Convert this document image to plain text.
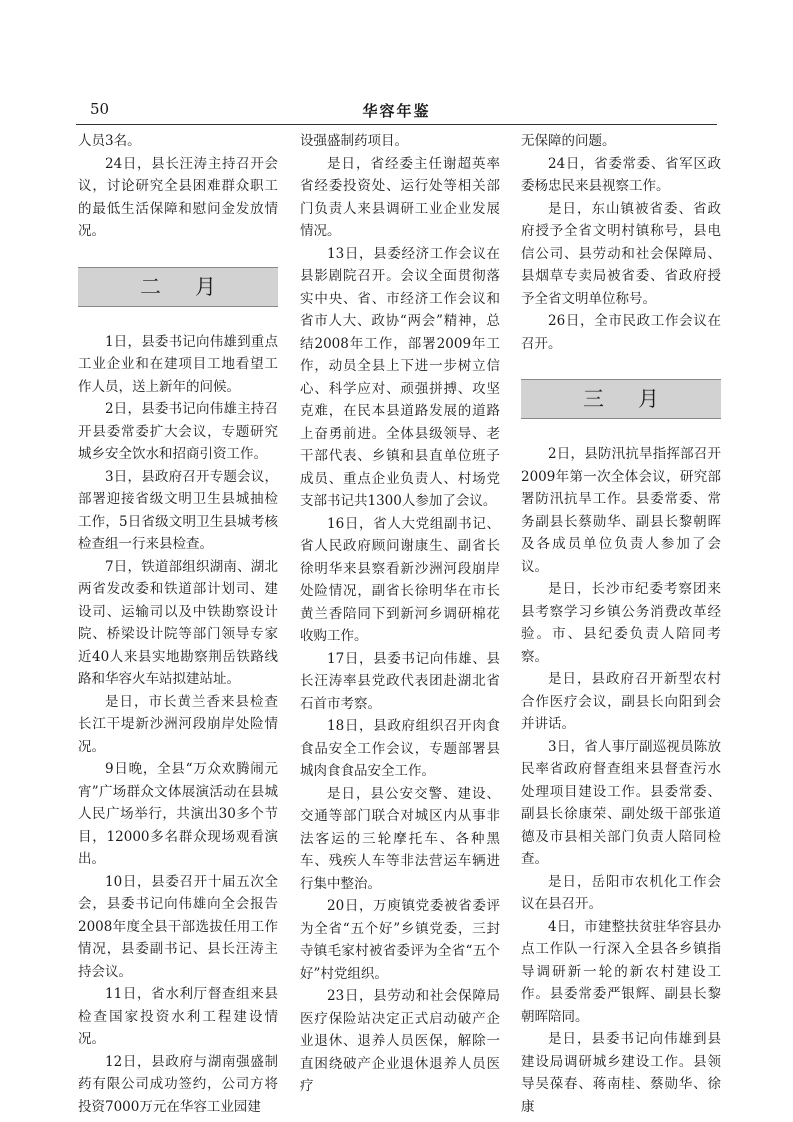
50	华容年鉴

人员3名。

24日，县长汪涛主持召开会议，讨论研究全县困难群众职工的最低生活保障和慰问金发放情况。

二月

1日，县委书记向伟雄到重点工业企业和在建项目工地看望工作人员，送上新年的问候。

2日，县委书记向伟雄主持召开县委常委扩大会议，专题研究城乡安全饮水和招商引资工作。

3日，县政府召开专题会议，部署迎接省级文明卫生县城抽检工作，5日省级文明卫生县城考核检查组一行来县检查。

7日，铁道部组织湖南、湖北两省发改委和铁道部计划司、建设司、运输司以及中铁勘察设计院、桥梁设计院等部门领导专家近40人来县实地勘察荆岳铁路线路和华容火车站拟建站址。

是日，市长黄兰香来县检查长江干堤新沙洲河段崩岸处险情况。

9日晚，全县“万众欢腾闹元宵”广场群众文体展演活动在县城人民广场举行，共演出30多个节目，12000多名群众现场观看演出。

10日，县委召开十届五次全会，县委书记向伟雄向全会报告2008年度全县干部选拔任用工作情况，县委副书记、县长汪涛主持会议。

11日，省水利厅督查组来县检查国家投资水利工程建设情况。

12日，县政府与湖南强盛制药有限公司成功签约，公司方将投资7000万元在华容工业园建

设强盛制药项目。

是日，省经委主任谢超英率省经委投资处、运行处等相关部门负责人来县调研工业企业发展情况。

13日，县委经济工作会议在县影剧院召开。会议全面贯彻落实中央、省、市经济工作会议和省市人大、政协“两会”精神，总结2008年工作，部署2009年工作，动员全县上下进一步树立信心、科学应对、顽强拼搏、攻坚克难，在民本县道路发展的道路上奋勇前进。全体县级领导、老干部代表、乡镇和县直单位班子成员、重点企业负责人、村场党支部书记共1300人参加了会议。

16日，省人大党组副书记、省人民政府顾问谢康生、副省长徐明华来县察看新沙洲河段崩岸处险情况，副省长徐明华在市长黄兰香陪同下到新河乡调研棉花收购工作。

17日，县委书记向伟雄、县长汪涛率县党政代表团赴湖北省石首市考察。

18日，县政府组织召开肉食食品安全工作会议，专题部署县城肉食食品安全工作。

是日，县公安交警、建设、交通等部门联合对城区内从事非法客运的三轮摩托车、各种黑车、残疾人车等非法营运车辆进行集中整治。

20日，万庾镇党委被省委评为全省“五个好”乡镇党委，三封寺镇毛家村被省委评为全省“五个好”村党组织。

23日，县劳动和社会保障局医疗保险站决定正式启动破产企业退休、退养人员医保，解除一直困绕破产企业退休退养人员医疗

无保障的问题。

24日，省委常委、省军区政委杨忠民来县视察工作。

是日，东山镇被省委、省政府授予全省文明村镇称号，县电信公司、县劳动和社会保障局、县烟草专卖局被省委、省政府授予全省文明单位称号。

26日，全市民政工作会议在召开。

三月

2日，县防汛抗旱指挥部召开2009年第一次全体会议，研究部署防汛抗旱工作。县委常委、常务副县长蔡勋华、副县长黎朝晖及各成员单位负责人参加了会议。

是日，长沙市纪委考察团来县考察学习乡镇公务消费改革经验。市、县纪委负责人陪同考察。

是日，县政府召开新型农村合作医疗会议，副县长向阳到会并讲话。

3日，省人事厅副巡视员陈放民率省政府督查组来县督查污水处理项目建设工作。县委常委、副县长徐康荣、副处级干部张道德及市县相关部门负责人陪同检查。

是日，岳阳市农机化工作会议在县召开。

4日，市建整扶贫驻华容县办点工作队一行深入全县各乡镇指导调研新一轮的新农村建设工作。县委常委严银辉、副县长黎朝晖陪同。

是日，县委书记向伟雄到县建设局调研城乡建设工作。县领导吴葆春、蒋南桂、蔡勋华、徐康
